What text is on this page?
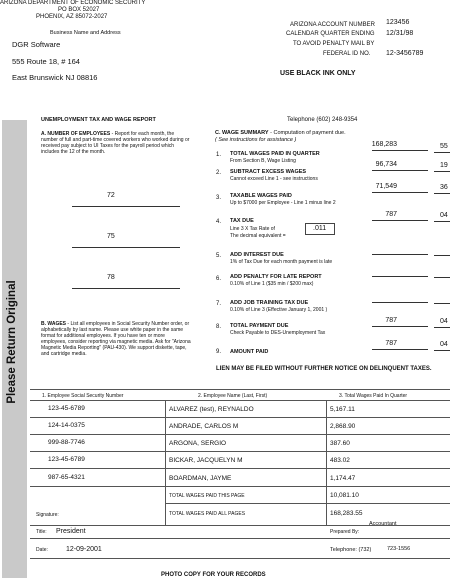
ARIZONA DEPARTMENT OF ECONOMIC SECURITY
PO BOX 52027
PHOENIX, AZ 85072-2027
Business Name and Address
DGR Software
555 Route 18, # 164
East Brunswick NJ 08816
ARIZONA ACCOUNT NUMBER 123456
CALENDAR QUARTER ENDING 12/31/98
TO AVOID PENALTY MAIL BY
FEDERAL ID NO. 12-3456789
USE BLACK INK ONLY
UNEMPLOYMENT TAX AND WAGE REPORT	Telephone (602) 248-9354
Please Return Original
A. NUMBER OF EMPLOYEES - Report for each month, the number of full and part-time covered workers who worked during or received pay subject to UI Taxes for the payroll period which includes the 12 of the month.
72
75
78
B. WAGES - List all employees in Social Security Number order, or alphabetically by last name. Please use white paper in the same format for additional employees. If you have ten or more employees, consider reporting via magnetic media. Ask for "Arizona Magnetic Media Reporting" (PAU-430). We support diskette, tape, and cartridge media.
C. WAGE SUMMARY - Computation of payment due.
( See instructions for assistance )
1. TOTAL WAGES PAID IN QUARTER
From Section B, Wage Listing
168,283	55
2. SUBTRACT EXCESS WAGES
Cannot exceed Line 1 - see instructions
96,734	19
3. TAXABLE WAGES PAID
Up to $7000 per Employee - Line 1 minus line 2
71,549	36
4. TAX DUE
Line 3 X Tax Rate of
The decimal equivalent =
.011
787	04
5. ADD INTEREST DUE
1% of Tax Due for each month payment is late
6. ADD PENALTY FOR LATE REPORT
0.10% of Line 1 ($35 min / $200 max)
7. ADD JOB TRAINING TAX DUE
0.10% of Line 3 (Effective January 1, 2001 )
8. TOTAL PAYMENT DUE
Check Payable to DES-Unemployment Tax
787	04
9. AMOUNT PAID
787	04
LIEN MAY BE FILED WITHOUT FURTHER NOTICE ON DELINQUENT TAXES.
1. Employee Social Security Number	2. Employee Name (Last, First)	3. Total Wages Paid In Quarter
123-45-6789	ALVAREZ (test), REYNALDO	5,167.11
124-14-0375	ANDRADE, CARLOS M	2,868.90
999-88-7746	ARGONA, SERGIO	387.60
123-45-6789	BICKAR, JACQUELYN M	483.02
987-65-4321	BOARDMAN, JAYME	1,174.47
TOTAL WAGES PAID THIS PAGE	10,081.10
TOTAL WAGES PAID ALL PAGES	168,283.55
Signature:
Title: President	Prepared By:
Accountant
Date:	12-09-2001	Telephone: (732)	723-1556
PHOTO COPY FOR YOUR RECORDS
